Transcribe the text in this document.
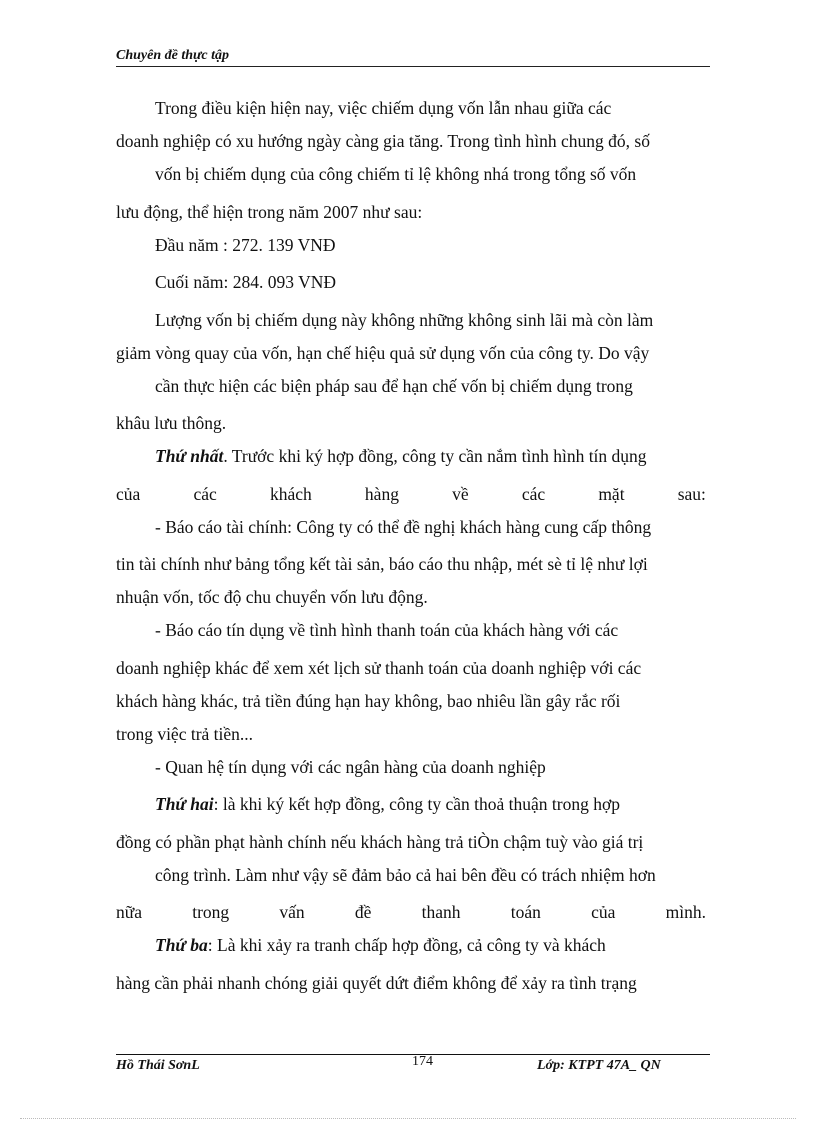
Chuyên đề thực tập
Trong điều kiện hiện nay, việc chiếm dụng vốn lẫn nhau giữa các
doanh nghiệp có xu hướng ngày càng gia tăng. Trong tình hình chung đó, số
vốn bị chiếm dụng của công chiếm tỉ lệ không nhá trong tổng số vốn
lưu động, thể hiện trong năm 2007 như sau:
Đầu năm : 272. 139 VNĐ
Cuối năm: 284. 093 VNĐ
Lượng vốn bị chiếm dụng này không những không sinh lãi mà còn làm
giảm vòng quay của vốn, hạn chế hiệu quả sử dụng vốn của công ty. Do vậy
cần thực hiện các biện pháp sau để hạn chế vốn bị chiếm dụng trong
khâu lưu thông.
Thứ nhất. Trước khi ký hợp đồng, công ty cần nắm tình hình tín dụng
của	các	khách	hàng	về	các	mặt	sau:
- Báo cáo tài chính: Công ty có thể đề nghị khách hàng cung cấp thông
tin tài chính như bảng tổng kết tài sản, báo cáo thu nhập, mét sè tỉ lệ như lợi
nhuận vốn, tốc độ chu chuyển vốn lưu động.
- Báo cáo tín dụng về tình hình thanh toán của khách hàng với các
doanh nghiệp khác để xem xét lịch sử thanh toán của doanh nghiệp với các
khách hàng khác, trả tiền đúng hạn hay không, bao nhiêu lần gây rắc rối
trong việc trả tiền...
- Quan hệ tín dụng với các ngân hàng của doanh nghiệp
Thứ hai: là khi ký kết hợp đồng, công ty cần thoả thuận trong hợp
đồng có phần phạt hành chính nếu khách hàng trả tiÒn chậm tuỳ vào giá trị
công trình. Làm như vậy sẽ đảm bảo cả hai bên đều có trách nhiệm hơn
nữa	trong	vấn	đề	thanh	toán	của	mình.
Thứ ba: Là khi xảy ra tranh chấp hợp đồng, cả công ty và khách
hàng cần phải nhanh chóng giải quyết dứt điểm không để xảy ra tình trạng
Hồ Thái SơnL	174	Lớp: KTPT 47A_ QN
